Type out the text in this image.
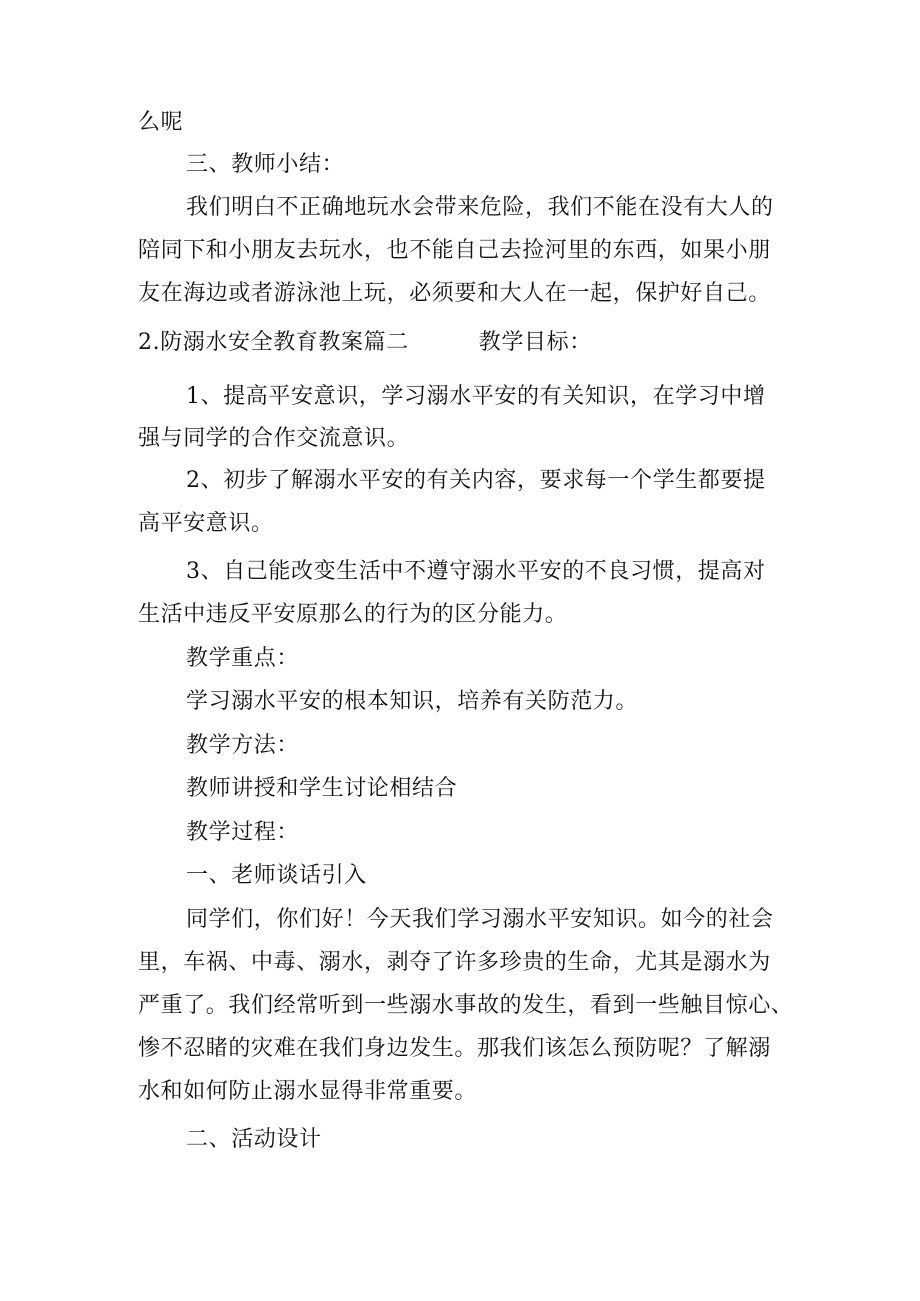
么呢
三、教师小结：
我们明白不正确地玩水会带来危险，我们不能在没有大人的
陪同下和小朋友去玩水，也不能自己去捡河里的东西，如果小朋
友在海边或者游泳池上玩，必须要和大人在一起，保护好自己。
2.防溺水安全教育教案篇二	教学目标：
1、提高平安意识，学习溺水平安的有关知识，在学习中增
强与同学的合作交流意识。
2、初步了解溺水平安的有关内容，要求每一个学生都要提
高平安意识。
3、自己能改变生活中不遵守溺水平安的不良习惯，提高对
生活中违反平安原那么的行为的区分能力。
教学重点：
学习溺水平安的根本知识，培养有关防范力。
教学方法：
教师讲授和学生讨论相结合
教学过程：
一、老师谈话引入
同学们，你们好！今天我们学习溺水平安知识。如今的社会
里，车祸、中毒、溺水，剥夺了许多珍贵的生命，尤其是溺水为
严重了。我们经常听到一些溺水事故的发生，看到一些触目惊心、
惨不忍睹的灾难在我们身边发生。那我们该怎么预防呢？了解溺
水和如何防止溺水显得非常重要。
二、活动设计
